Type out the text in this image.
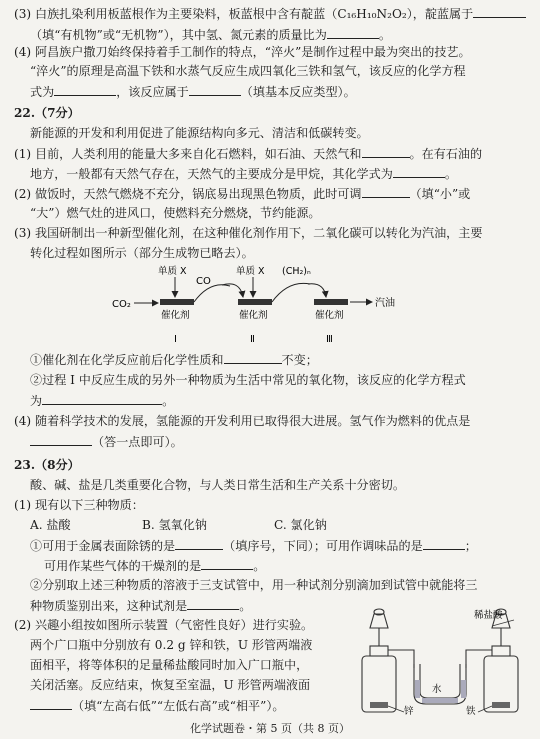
(3) 白族扎染利用板蓝根作为主要染料，板蓝根中含有靛蓝（C₁₆H₁₀N₂O₂），靛蓝属于
（填“有机物”或“无机物”），其中氢、氮元素的质量比为	。
(4) 阿昌族户撒刀始终保持着手工制作的特点，“淬火”是制作过程中最为突出的技艺。
“淬火”的原理是高温下铁和水蒸气反应生成四氧化三铁和氢气，该反应的化学方程
式为	，该反应属于	（填基本反应类型）。
22.（7分）
新能源的开发和利用促进了能源结构向多元、清洁和低碳转变。
(1) 目前，人类利用的能量大多来自化石燃料，如石油、天然气和	。在有石油的
地方，一般都有天然气存在，天然气的主要成分是甲烷，其化学式为	。
(2) 做饭时，天然气燃烧不充分，锅底易出现黑色物质，此时可调	（填“小”或
“大”）燃气灶的进风口，使燃料充分燃烧，节约能源。
(3) 我国研制出一种新型催化剂，在这种催化剂作用下，二氧化碳可以转化为汽油，主要
转化过程如图所示（部分生成物已略去）。
CO₂
单质 X
催化剂
Ⅰ
CO
单质 X
催化剂
Ⅱ
(CH₂)ₙ
催化剂
Ⅲ
汽油
①催化剂在化学反应前后化学性质和	不变；
②过程 Ⅰ 中反应生成的另外一种物质为生活中常见的氧化物，该反应的化学方程式
为	。
(4) 随着科学技术的发展，氢能源的开发利用已取得很大进展。氢气作为燃料的优点是
（答一点即可）。
23.（8分）
酸、碱、盐是几类重要化合物，与人类日常生活和生产关系十分密切。
(1) 现有以下三种物质：
A. 盐酸	B. 氢氧化钠	C. 氯化钠
①可用于金属表面除锈的是	（填序号，下同）；可用作调味品的是	；
可用作某些气体的干燥剂的是	。
②分别取上述三种物质的溶液于三支试管中，用一种试剂分别滴加到试管中就能将三
种物质鉴别出来，这种试剂是	。
(2) 兴趣小组按如图所示装置（气密性良好）进行实验。
两个广口瓶中分别放有 0.2 g 锌和铁，U 形管两端液
面相平，将等体积的足量稀盐酸同时加入广口瓶中，
关闭活塞。反应结束，恢复至室温，U 形管两端液面
（填“左高右低”“左低右高”或“相平”）。
水
稀盐酸
锌	铁
化学试题卷・第 5 页（共 8 页）
